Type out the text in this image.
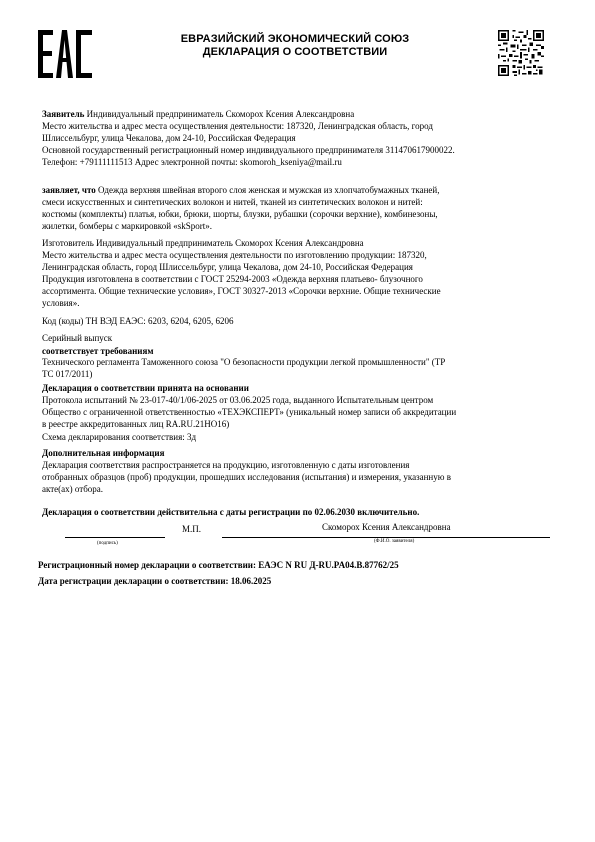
ЕВРАЗИЙСКИЙ ЭКОНОМИЧЕСКИЙ СОЮЗ
ДЕКЛАРАЦИЯ О СООТВЕТСТВИИ
Заявитель Индивидуальный предприниматель Скоморох Ксения Александровна
Место жительства и адрес места осуществления деятельности: 187320, Ленинградская область, город
Шлиссельбург, улица Чекалова, дом 24-10, Российская Федерация
Основной государственный регистрационный номер индивидуального предпринимателя 311470617900022.
Телефон: +79111111513 Адрес электронной почты: skomoroh_kseniya@mail.ru
заявляет, что Одежда верхняя швейная второго слоя женская и мужская из хлопчатобумажных тканей,
смеси искусственных и синтетических волокон и нитей, тканей из синтетических волокон и нитей:
костюмы (комплекты) платья, юбки, брюки, шорты, блузки, рубашки (сорочки верхние), комбинезоны,
жилетки, бомберы с маркировкой «skSport».
Изготовитель Индивидуальный предприниматель Скоморох Ксения Александровна
Место жительства и адрес места осуществления деятельности по изготовлению продукции: 187320,
Ленинградская область, город Шлиссельбург, улица Чекалова, дом 24-10, Российская Федерация
Продукция изготовлена в соответствии с ГОСТ 25294-2003 «Одежда верхняя платьево- блузочного
ассортимента. Общие технические условия», ГОСТ 30327-2013 «Сорочки верхние. Общие технические
условия».
Код (коды) ТН ВЭД ЕАЭС: 6203, 6204, 6205, 6206
Серийный выпуск
соответствует требованиям
Технического регламента Таможенного союза "О безопасности продукции легкой промышленности" (ТР
ТС 017/2011)
Декларация о соответствии принята на основании
Протокола испытаний № 23-017-40/1/06-2025 от 03.06.2025 года, выданного Испытательным центром
Общество с ограниченной ответственностью «ТЕХЭКСПЕРТ» (уникальный номер записи об аккредитации
в реестре аккредитованных лиц RA.RU.21НО16)
Схема декларирования соответствия: 3д
Дополнительная информация
Декларация соответствия распространяется на продукцию, изготовленную с даты изготовления
отобранных образцов (проб) продукции, прошедших исследования (испытания) и измерения, указанную в
акте(ах) отбора.
Декларация о соответствии действительна с даты регистрации по 02.06.2030 включительно.
М.П.	Скоморох Ксения Александровна
(подпись)	(Ф.И.О. заявителя)
Регистрационный номер декларации о соответствии: ЕАЭС N RU Д-RU.PA04.B.87762/25
Дата регистрации декларации о соответствии: 18.06.2025
